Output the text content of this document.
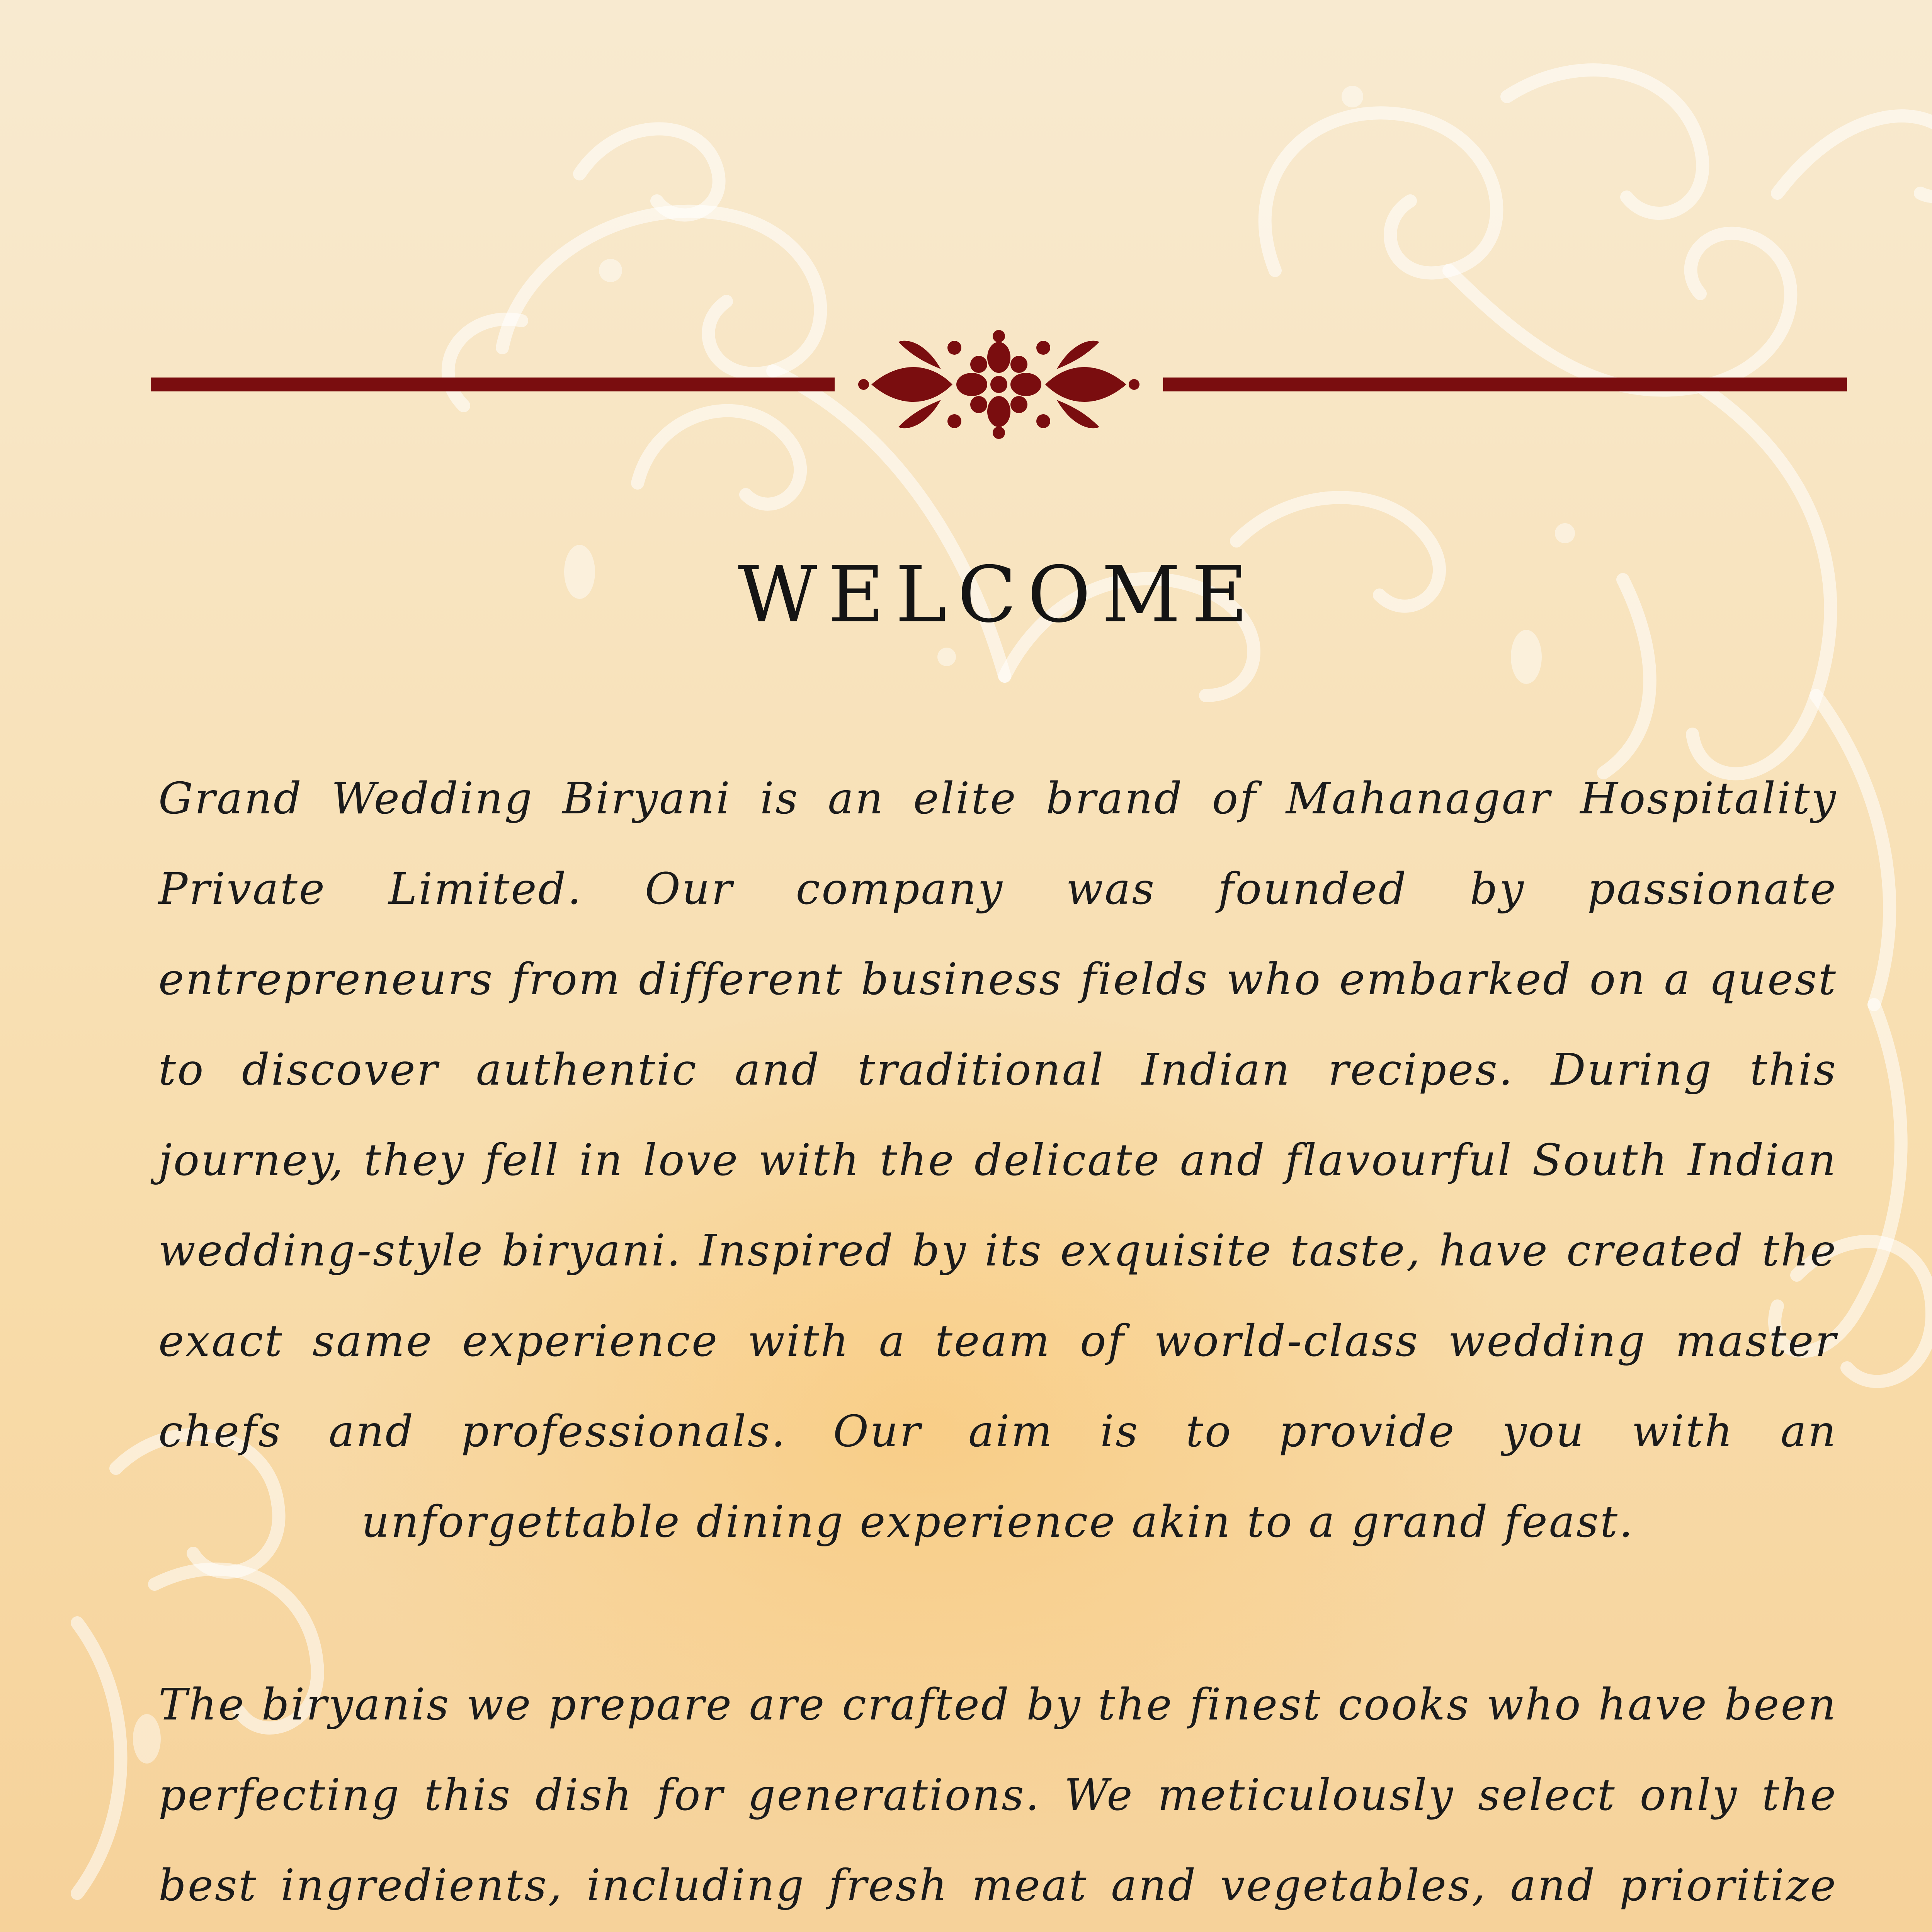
WELCOME

Grand Wedding Biryani is an elite brand of Mahanagar Hospitality Private Limited. Our company was founded by passionate entrepreneurs from different business fields who embarked on a quest to discover authentic and traditional Indian recipes. During this journey, they fell in love with the delicate and flavourful South Indian wedding-style biryani. Inspired by its exquisite taste, have created the exact same experience with a team of world-class wedding master chefs and professionals. Our aim is to provide you with an unforgettable dining experience akin to a grand feast.

The biryanis we prepare are crafted by the finest cooks who have been perfecting this dish for generations. We meticulously select only the best ingredients, including fresh meat and vegetables, and prioritize
